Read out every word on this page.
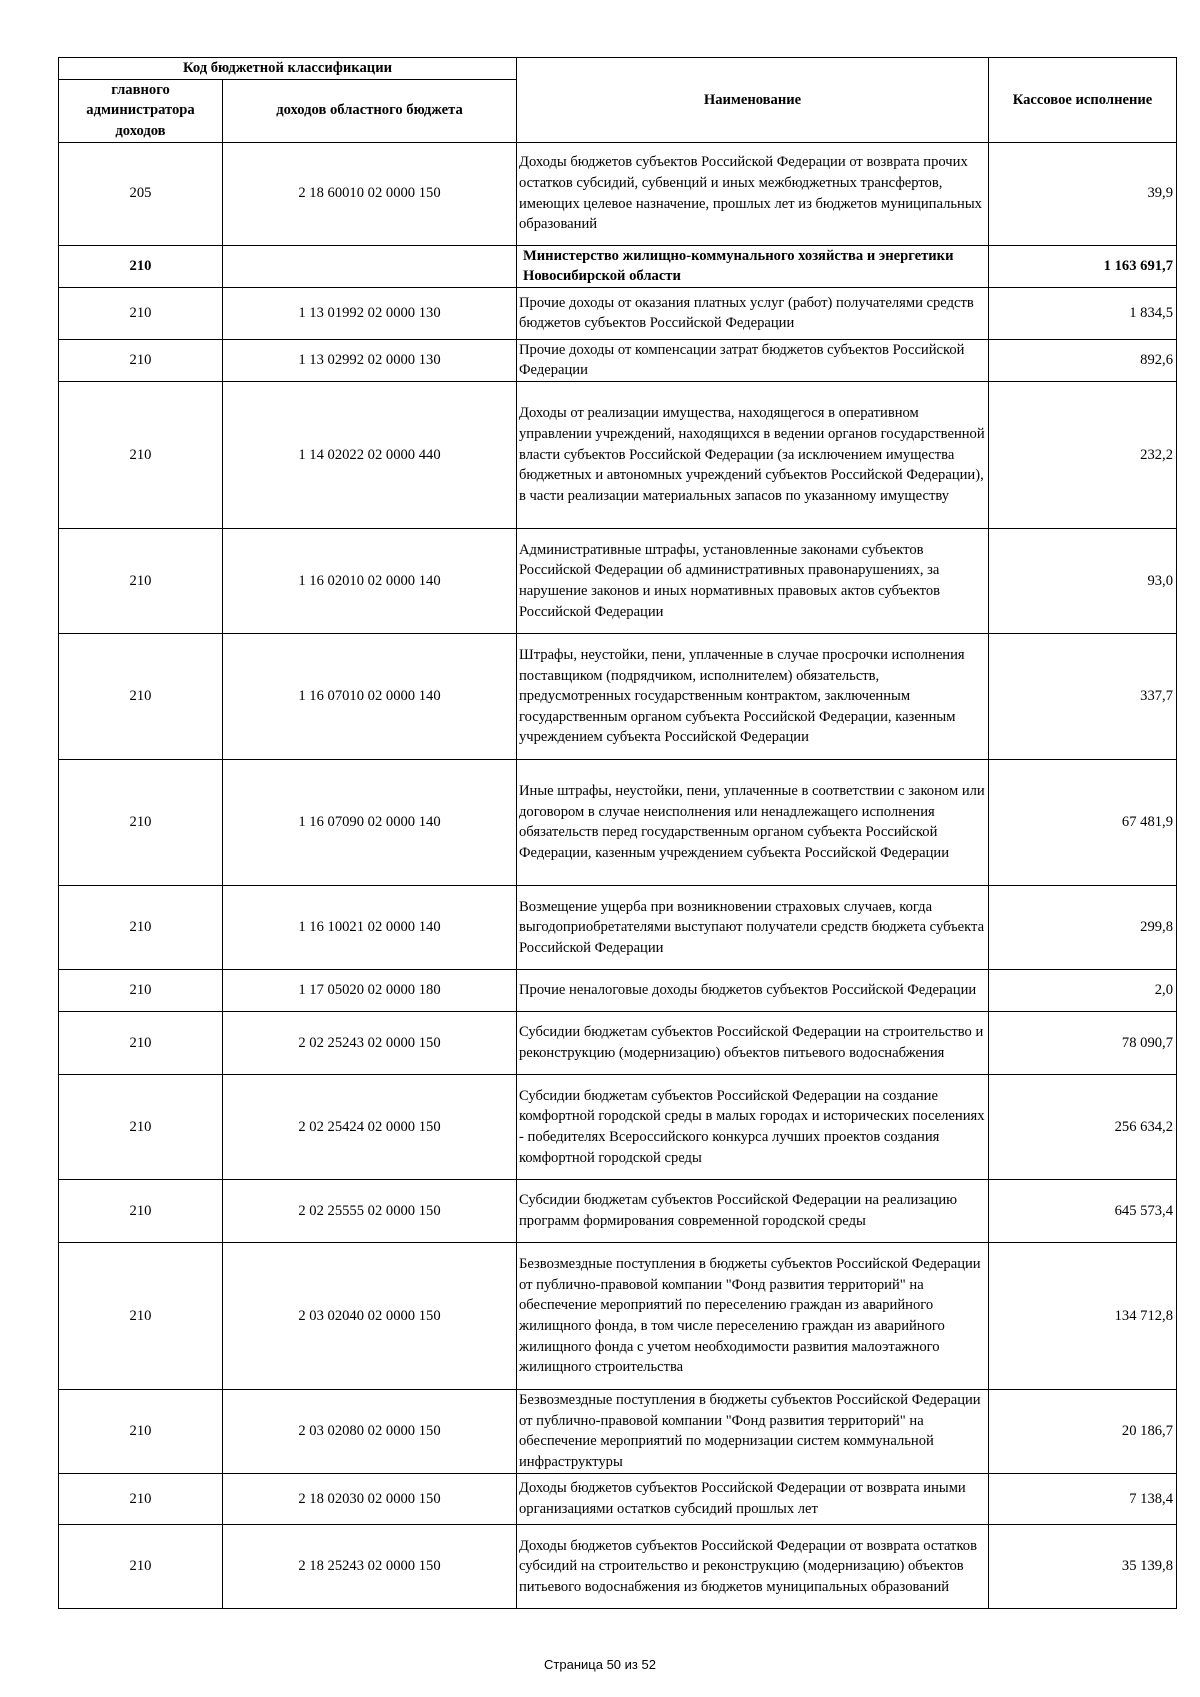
Код бюджетной классификации		Наименование	Кассовое исполнение
главного администратора доходов	доходов областного бюджета		
205	2 18 60010 02 0000 150	Доходы бюджетов субъектов Российской Федерации от возврата прочих остатков субсидий, субвенций и иных межбюджетных трансфертов, имеющих целевое назначение, прошлых лет из бюджетов муниципальных образований	39,9
210		Министерство жилищно-коммунального хозяйства и энергетики Новосибирской области	1 163 691,7
210	1 13 01992 02 0000 130	Прочие доходы от оказания платных услуг (работ) получателями средств бюджетов субъектов Российской Федерации	1 834,5
210	1 13 02992 02 0000 130	Прочие доходы от компенсации затрат бюджетов субъектов Российской Федерации	892,6
210	1 14 02022 02 0000 440	Доходы от реализации имущества, находящегося в оперативном управлении учреждений, находящихся в ведении органов государственной власти субъектов Российской Федерации (за исключением имущества бюджетных и автономных учреждений субъектов Российской Федерации), в части реализации материальных запасов по указанному имуществу	232,2
210	1 16 02010 02 0000 140	Административные штрафы, установленные законами субъектов Российской Федерации об административных правонарушениях, за нарушение законов и иных нормативных правовых актов субъектов Российской Федерации	93,0
210	1 16 07010 02 0000 140	Штрафы, неустойки, пени, уплаченные в случае просрочки исполнения поставщиком (подрядчиком, исполнителем) обязательств, предусмотренных государственным контрактом, заключенным государственным органом субъекта Российской Федерации, казенным учреждением субъекта Российской Федерации	337,7
210	1 16 07090 02 0000 140	Иные штрафы, неустойки, пени, уплаченные в соответствии с законом или договором в случае неисполнения или ненадлежащего исполнения обязательств перед государственным органом субъекта Российской Федерации, казенным учреждением субъекта Российской Федерации	67 481,9
210	1 16 10021 02 0000 140	Возмещение ущерба при возникновении страховых случаев, когда выгодоприобретателями выступают получатели средств бюджета субъекта Российской Федерации	299,8
210	1 17 05020 02 0000 180	Прочие неналоговые доходы бюджетов субъектов Российской Федерации	2,0
210	2 02 25243 02 0000 150	Субсидии бюджетам субъектов Российской Федерации на строительство и реконструкцию (модернизацию) объектов питьевого водоснабжения	78 090,7
210	2 02 25424 02 0000 150	Субсидии бюджетам субъектов Российской Федерации на создание комфортной городской среды в малых городах и исторических поселениях - победителях Всероссийского конкурса лучших проектов создания комфортной городской среды	256 634,2
210	2 02 25555 02 0000 150	Субсидии бюджетам субъектов Российской Федерации на реализацию программ формирования современной городской среды	645 573,4
210	2 03 02040 02 0000 150	Безвозмездные поступления в бюджеты субъектов Российской Федерации от публично-правовой компании "Фонд развития территорий" на обеспечение мероприятий по переселению граждан из аварийного жилищного фонда, в том числе переселению граждан из аварийного жилищного фонда с учетом необходимости развития малоэтажного жилищного строительства	134 712,8
210	2 03 02080 02 0000 150	Безвозмездные поступления в бюджеты субъектов Российской Федерации от публично-правовой компании "Фонд развития территорий" на обеспечение мероприятий по модернизации систем коммунальной инфраструктуры	20 186,7
210	2 18 02030 02 0000 150	Доходы бюджетов субъектов Российской Федерации от возврата иными организациями остатков субсидий прошлых лет	7 138,4
210	2 18 25243 02 0000 150	Доходы бюджетов субъектов Российской Федерации от возврата остатков субсидий на строительство и реконструкцию (модернизацию) объектов питьевого водоснабжения из бюджетов муниципальных образований	35 139,8
Страница 50 из 52
